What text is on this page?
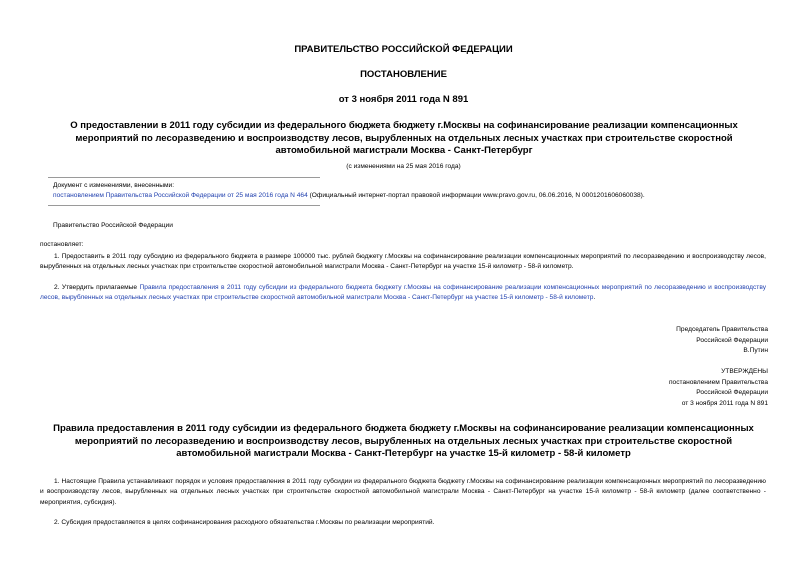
ПРАВИТЕЛЬСТВО РОССИЙСКОЙ ФЕДЕРАЦИИ
ПОСТАНОВЛЕНИЕ
от 3 ноября 2011 года N 891
О предоставлении в 2011 году субсидии из федерального бюджета бюджету г.Москвы на софинансирование реализации компенсационных мероприятий по лесоразведению и воспроизводству лесов, вырубленных на отдельных лесных участках при строительстве скоростной автомобильной магистрали Москва - Санкт-Петербург
(с изменениями на 25 мая 2016 года)
Документ с изменениями, внесенными:
постановлением Правительства Российской Федерации от 25 мая 2016 года N 464 (Официальный интернет-портал правовой информации www.pravo.gov.ru, 06.06.2016, N 0001201606060038).
Правительство Российской Федерации
постановляет:
1. Предоставить в 2011 году субсидию из федерального бюджета в размере 100000 тыс. рублей бюджету г.Москвы на софинансирование реализации компенсационных мероприятий по лесоразведению и воспроизводству лесов, вырубленных на отдельных лесных участках при строительстве скоростной автомобильной магистрали Москва - Санкт-Петербург на участке 15-й километр - 58-й километр.
2. Утвердить прилагаемые Правила предоставления в 2011 году субсидии из федерального бюджета бюджету г.Москвы на софинансирование реализации компенсационных мероприятий по лесоразведению и воспроизводству лесов, вырубленных на отдельных лесных участках при строительстве скоростной автомобильной магистрали Москва - Санкт-Петербург на участке 15-й километр - 58-й километр.
Председатель Правительства
Российской Федерации
В.Путин
УТВЕРЖДЕНЫ
постановлением Правительства
Российской Федерации
от 3 ноября 2011 года N 891
Правила предоставления в 2011 году субсидии из федерального бюджета бюджету г.Москвы на софинансирование реализации компенсационных мероприятий по лесоразведению и воспроизводству лесов, вырубленных на отдельных лесных участках при строительстве скоростной автомобильной магистрали Москва - Санкт-Петербург на участке 15-й километр - 58-й километр
1. Настоящие Правила устанавливают порядок и условия предоставления в 2011 году субсидии из федерального бюджета бюджету г.Москвы на софинансирование реализации компенсационных мероприятий по лесоразведению и воспроизводству лесов, вырубленных на отдельных лесных участках при строительстве скоростной автомобильной магистрали Москва - Санкт-Петербург на участке 15-й километр - 58-й километр (далее соответственно - мероприятия, субсидия).
2. Субсидия предоставляется в целях софинансирования расходного обязательства г.Москвы по реализации мероприятий.
